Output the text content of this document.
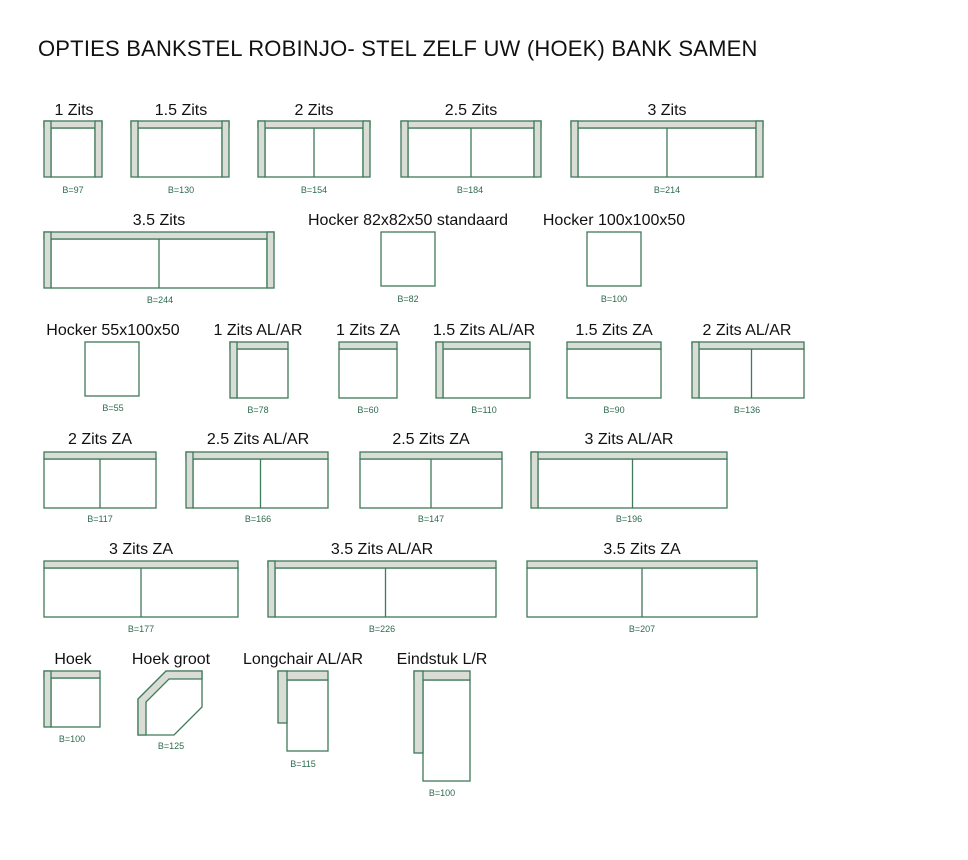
OPTIES BANKSTEL ROBINJO- STEL ZELF UW (HOEK) BANK SAMEN
1 Zits
B=97
1.5 Zits
B=130
2 Zits
B=154
2.5 Zits
B=184
3 Zits
B=214
3.5 Zits
B=244
Hocker 82x82x50 standaard
B=82
Hocker 100x100x50
B=100
Hocker 55x100x50
B=55
1 Zits AL/AR
B=78
1 Zits ZA
B=60
1.5 Zits AL/AR
B=110
1.5 Zits ZA
B=90
2 Zits AL/AR
B=136
2 Zits ZA
B=117
2.5 Zits AL/AR
B=166
2.5 Zits ZA
B=147
3 Zits AL/AR
B=196
3 Zits ZA
B=177
3.5 Zits AL/AR
B=226
3.5 Zits ZA
B=207
Hoek
B=100
Hoek groot
B=125
Longchair AL/AR
B=115
Eindstuk L/R
B=100
